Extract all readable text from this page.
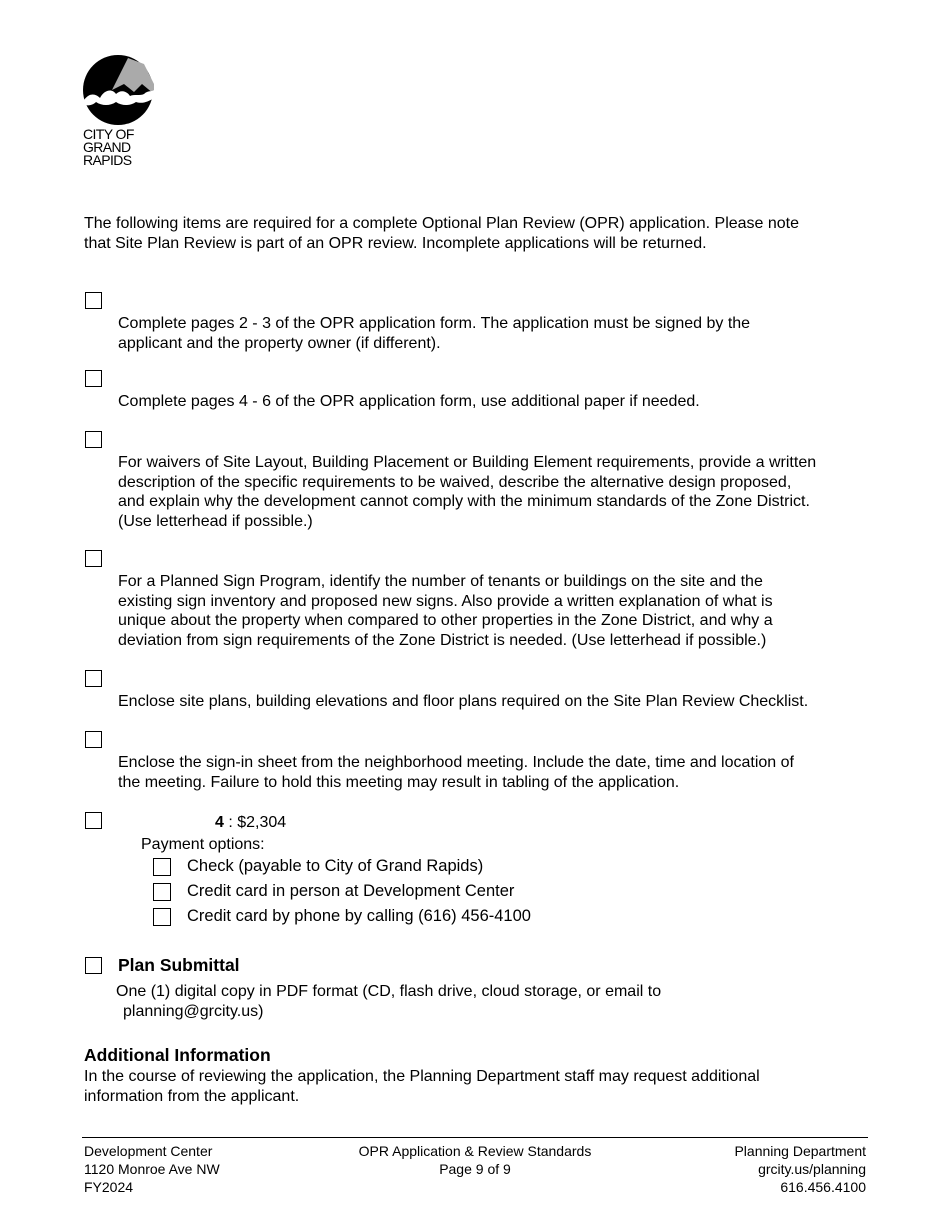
CITY OF
GRAND
RAPIDS
The following items are required for a complete Optional Plan Review (OPR) application. Please note
that Site Plan Review is part of an OPR review. Incomplete applications will be returned.
Complete pages 2 - 3 of the OPR application form. The application must be signed by the
applicant and the property owner (if different).
Complete pages 4 - 6 of the OPR application form, use additional paper if needed.
For waivers of Site Layout, Building Placement or Building Element requirements, provide a written
description of the specific requirements to be waived, describe the alternative design proposed,
and explain why the development cannot comply with the minimum standards of the Zone District.
(Use letterhead if possible.)
For a Planned Sign Program, identify the number of tenants or buildings on the site and the
existing sign inventory and proposed new signs. Also provide a written explanation of what is
unique about the property when compared to other properties in the Zone District, and why a
deviation from sign requirements of the Zone District is needed. (Use letterhead if possible.)
Enclose site plans, building elevations and floor plans required on the Site Plan Review Checklist.
Enclose the sign-in sheet from the neighborhood meeting. Include the date, time and location of
the meeting. Failure to hold this meeting may result in tabling of the application.
4 : $2,304
Payment options:
Check (payable to City of Grand Rapids)
Credit card in person at Development Center
Credit card by phone by calling (616) 456-4100
Plan Submittal
One (1) digital copy in PDF format (CD, flash drive, cloud storage, or email to
planning@grcity.us)
Additional Information
In the course of reviewing the application, the Planning Department staff may request additional
information from the applicant.
Development Center
1120 Monroe Ave NW
FY2024
OPR Application & Review Standards
Page 9 of 9
Planning Department
grcity.us/planning
616.456.4100
